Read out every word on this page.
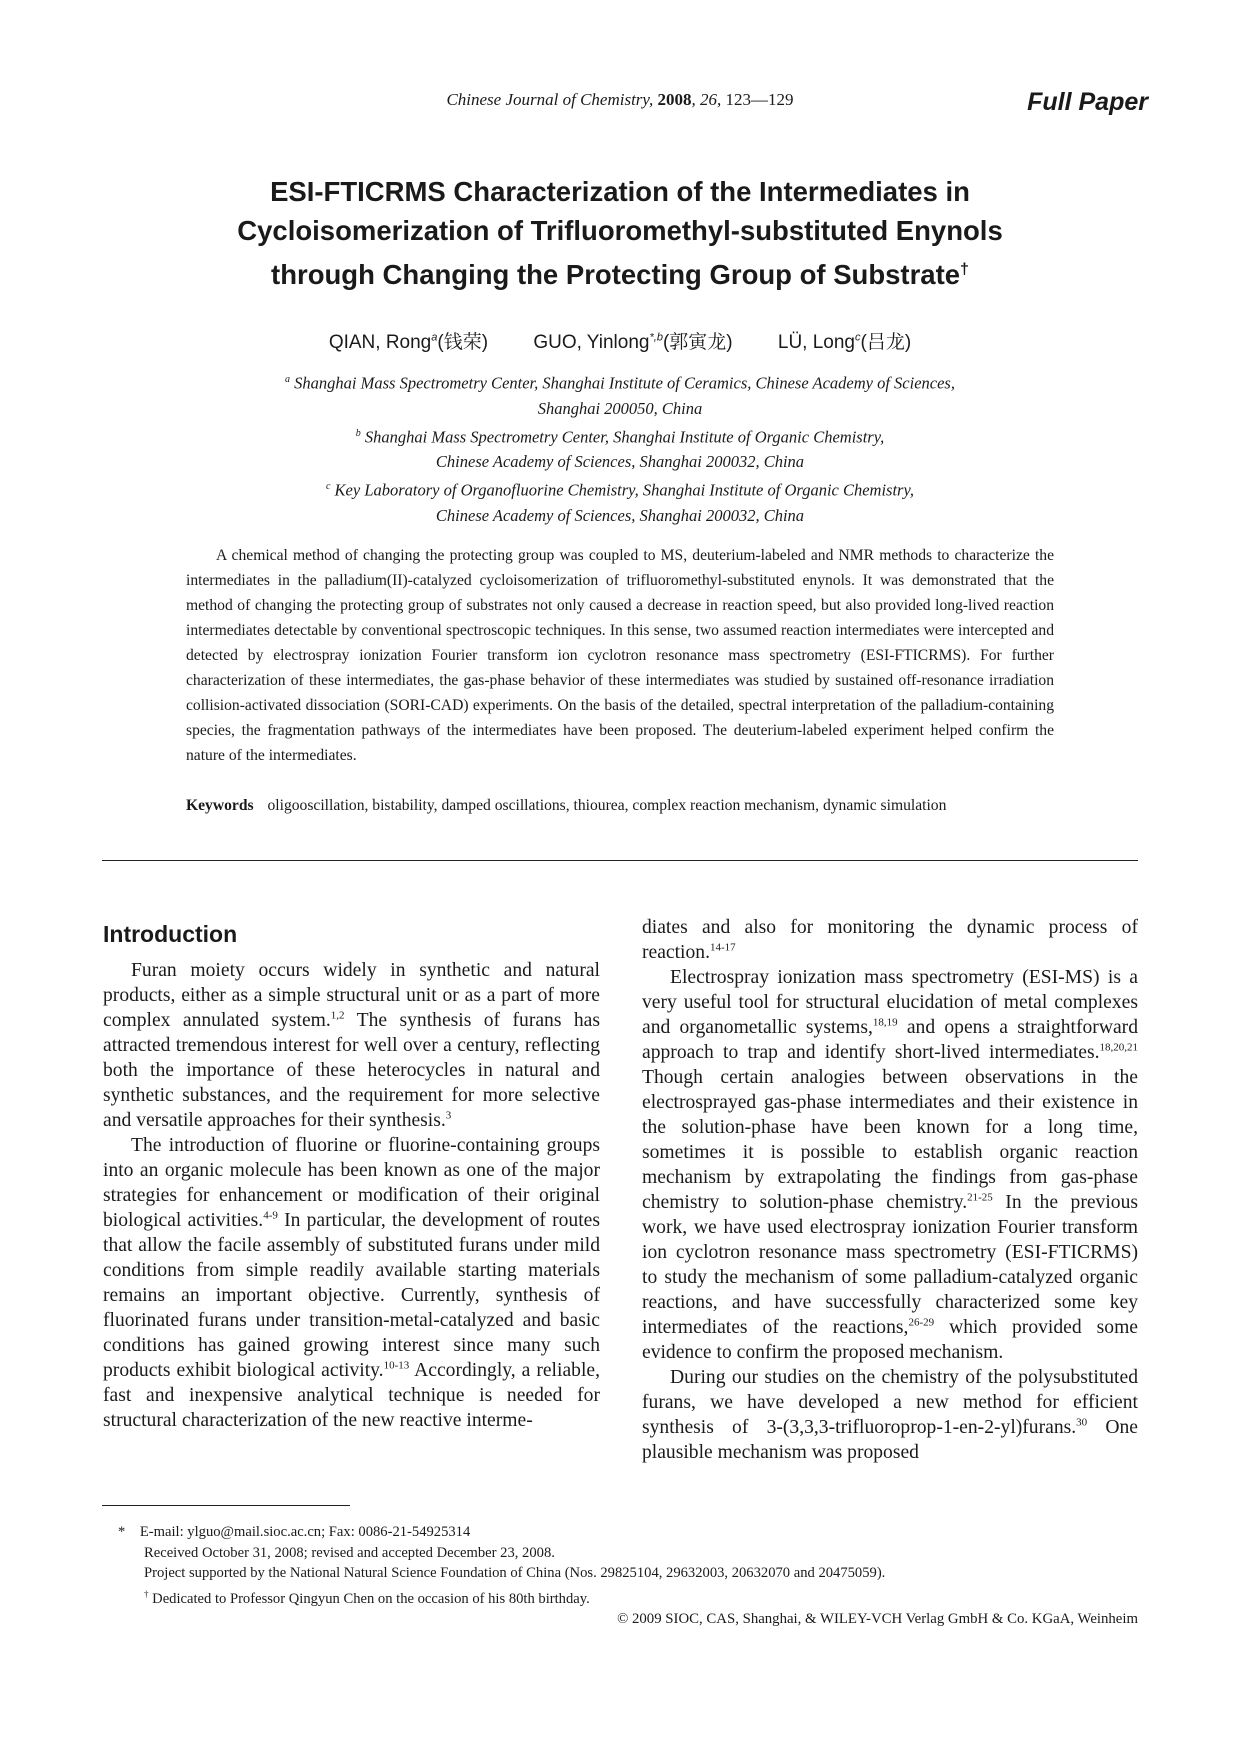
Chinese Journal of Chemistry, 2008, 26, 123—129	Full Paper
ESI-FTICRMS Characterization of the Intermediates in
Cycloisomerization of Trifluoromethyl-substituted Enynols
through Changing the Protecting Group of Substrate†
QIAN, Rong$^a$(钱荣) GUO, Yinlong$^{*,b}$(郭寅龙) LÜ, Long$^c$(吕龙)
$^a$ Shanghai Mass Spectrometry Center, Shanghai Institute of Ceramics, Chinese Academy of Sciences,
Shanghai 200050, China
$^b$ Shanghai Mass Spectrometry Center, Shanghai Institute of Organic Chemistry,
Chinese Academy of Sciences, Shanghai 200032, China
$^c$ Key Laboratory of Organofluorine Chemistry, Shanghai Institute of Organic Chemistry,
Chinese Academy of Sciences, Shanghai 200032, China

A chemical method of changing the protecting group was coupled to MS, deuterium-labeled and NMR methods to characterize the intermediates in the palladium(II)-catalyzed cycloisomerization of trifluoromethyl-substituted enynols. It was demonstrated that the method of changing the protecting group of substrates not only caused a decrease in reaction speed, but also provided long-lived reaction intermediates detectable by conventional spectroscopic techniques. In this sense, two assumed reaction intermediates were intercepted and detected by electrospray ionization Fourier transform ion cyclotron resonance mass spectrometry (ESI-FTICRMS). For further characterization of these intermediates, the gas-phase behavior of these intermediates was studied by sustained off-resonance irradiation collision-activated dissociation (SORI-CAD) experiments. On the basis of the detailed, spectral interpretation of the palladium-containing species, the fragmentation pathways of the intermediates have been proposed. The deuterium-labeled experiment helped confirm the nature of the intermediates.

Keywords oligooscillation, bistability, damped oscillations, thiourea, complex reaction mechanism, dynamic simulation
Introduction

Furan moiety occurs widely in synthetic and natural products, either as a simple structural unit or as a part of more complex annulated system.$^{1,2}$ The synthesis of furans has attracted tremendous interest for well over a century, reflecting both the importance of these heterocycles in natural and synthetic substances, and the requirement for more selective and versatile approaches for their synthesis.$^3$

The introduction of fluorine or fluorine-containing groups into an organic molecule has been known as one of the major strategies for enhancement or modification of their original biological activities.$^{4-9}$ In particular, the development of routes that allow the facile assembly of substituted furans under mild conditions from simple readily available starting materials remains an important objective. Currently, synthesis of fluorinated furans under transition-metal-catalyzed and basic conditions has gained growing interest since many such products exhibit biological activity.$^{10-13}$ Accordingly, a reliable, fast and inexpensive analytical technique is needed for structural characterization of the new reactive interme-

diates and also for monitoring the dynamic process of reaction.$^{14-17}$

Electrospray ionization mass spectrometry (ESI-MS) is a very useful tool for structural elucidation of metal complexes and organometallic systems,$^{18,19}$ and opens a straightforward approach to trap and identify short-lived intermediates.$^{18,20,21}$ Though certain analogies between observations in the electrosprayed gas-phase intermediates and their existence in the solution-phase have been known for a long time, sometimes it is possible to establish organic reaction mechanism by extrapolating the findings from gas-phase chemistry to solution-phase chemistry.$^{21-25}$ In the previous work, we have used electrospray ionization Fourier transform ion cyclotron resonance mass spectrometry (ESI-FTICRMS) to study the mechanism of some palladium-catalyzed organic reactions, and have successfully characterized some key intermediates of the reactions,$^{26-29}$ which provided some evidence to confirm the proposed mechanism.

During our studies on the chemistry of the polysubstituted furans, we have developed a new method for efficient synthesis of 3-(3,3,3-trifluoroprop-1-en-2-yl)furans.$^{30}$ One plausible mechanism was proposed

* E-mail: ylguo@mail.sioc.ac.cn; Fax: 0086-21-54925314
Received October 31, 2008; revised and accepted December 23, 2008.
Project supported by the National Natural Science Foundation of China (Nos. 29825104, 29632003, 20632070 and 20475059).
† Dedicated to Professor Qingyun Chen on the occasion of his 80th birthday.
© 2009 SIOC, CAS, Shanghai, & WILEY-VCH Verlag GmbH & Co. KGaA, Weinheim
